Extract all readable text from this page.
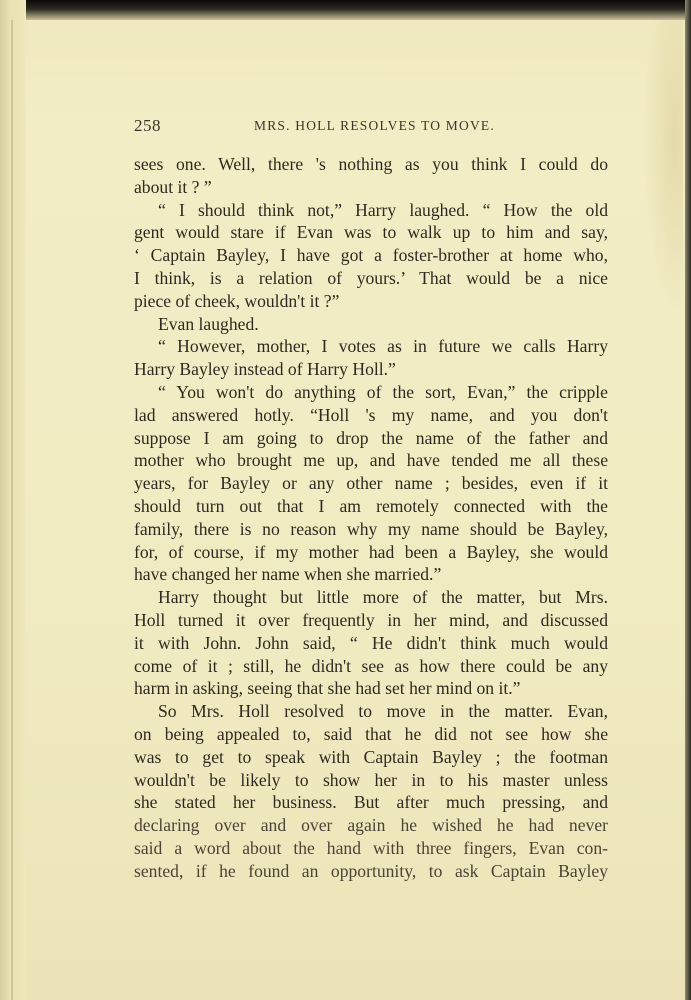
258	MRS. HOLL RESOLVES TO MOVE.
sees one. Well, there 's nothing as you think I could do
about it ? ”
“ I should think not,” Harry laughed. “ How the old
gent would stare if Evan was to walk up to him and say,
‘ Captain Bayley, I have got a foster-brother at home who,
I think, is a relation of yours.’ That would be a nice
piece of cheek, wouldn't it ?”
Evan laughed.
“ However, mother, I votes as in future we calls Harry
Harry Bayley instead of Harry Holl.”
“ You won't do anything of the sort, Evan,” the cripple
lad answered hotly. “Holl 's my name, and you don't
suppose I am going to drop the name of the father and
mother who brought me up, and have tended me all these
years, for Bayley or any other name ; besides, even if it
should turn out that I am remotely connected with the
family, there is no reason why my name should be Bayley,
for, of course, if my mother had been a Bayley, she would
have changed her name when she married.”
Harry thought but little more of the matter, but Mrs.
Holl turned it over frequently in her mind, and discussed
it with John. John said, “ He didn't think much would
come of it ; still, he didn't see as how there could be any
harm in asking, seeing that she had set her mind on it.”
So Mrs. Holl resolved to move in the matter. Evan,
on being appealed to, said that he did not see how she
was to get to speak with Captain Bayley ; the footman
wouldn't be likely to show her in to his master unless
she stated her business. But after much pressing, and
declaring over and over again he wished he had never
said a word about the hand with three fingers, Evan con-
sented, if he found an opportunity, to ask Captain Bayley
